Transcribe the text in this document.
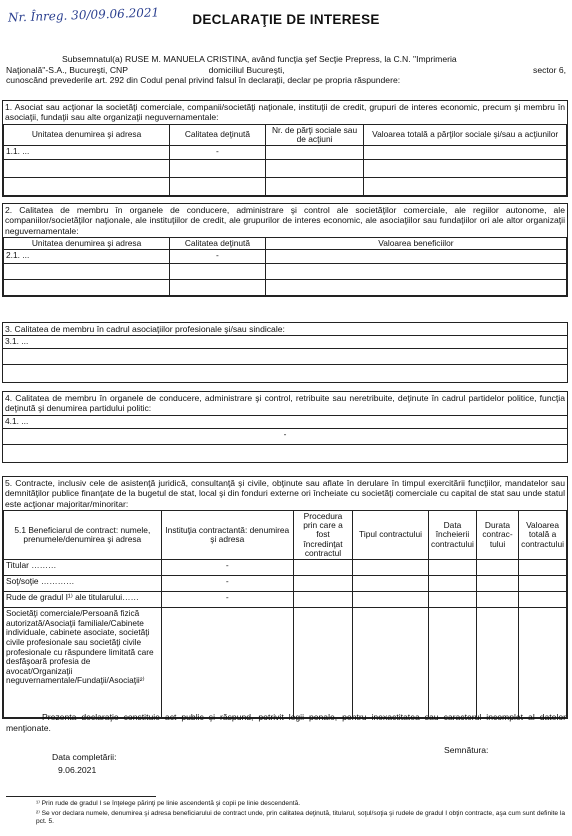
Nr. Înreg. 30/09.06.2021	DECLARAŢIE DE INTERESE

Subsemnatul(a) RUSE M. MANUELA CRISTINA, având funcţia şef Secţie Prepress, la C.N. "Imprimeria

Naţională"-S.A., Bucureşti, CNP	domiciliul Bucureşti,	sector 6,

cunoscând prevederile art. 292 din Codul penal privind falsul în declaraţii, declar pe propria răspundere:

1. Asociat sau acţionar la societăţi comerciale, companii/societăţi naţionale, instituţii de credit, grupuri de interes economic, precum şi membru în asociaţii, fundaţii sau alte organizaţii neguvernamentale:
Unitatea denumirea şi adresa	Calitatea deţinută	Nr. de părţi sociale sau de acţiuni	Valoarea totală a părţilor sociale şi/sau a acţiunilor
1.1. ...	-		

2. Calitatea de membru în organele de conducere, administrare şi control ale societăţilor comerciale, ale regiilor autonome, ale companiilor/societăţilor naţionale, ale instituţiilor de credit, ale grupurilor de interes economic, ale asociaţiilor sau fundaţiilor ori ale altor organizaţii neguvernamentale:
Unitatea denumirea şi adresa	Calitatea deţinută	Valoarea beneficiilor
2.1. ...	-	

3. Calitatea de membru în cadrul asociaţiilor profesionale şi/sau sindicale:
3.1. ...
4. Calitatea de membru în organele de conducere, administrare şi control, retribuite sau neretribuite, deţinute în cadrul partidelor politice, funcţia deţinută şi denumirea partidului politic:
4.1. ...
-
5. Contracte, inclusiv cele de asistenţă juridică, consultanţă şi civile, obţinute sau aflate în derulare în timpul exercitării funcţiilor, mandatelor sau demnităţilor publice finanţate de la bugetul de stat, local şi din fonduri externe ori încheiate cu societăţi comerciale cu capital de stat sau unde statul este acţionar majoritar/minoritar:
5.1 Beneficiarul de contract: numele, prenumele/denumirea şi adresa	Instituţia contractantă: denumirea şi adresa	Procedura prin care a fost încredinţat contractul	Tipul contractului	Data încheierii contractului	Durata contrac-tului	Valoarea totală a contractului
Titular ………	-					
Soţ/soţie …………	-					
Rude de gradul I¹⁾ ale titularului……	-					
Societăţi comerciale/Persoană fizică autorizată/Asociaţii familiale/Cabinete individuale, cabinete asociate, societăţi civile profesionale sau societăţi civile profesionale cu răspundere limitată care desfăşoară profesia de avocat/Organizaţii neguvernamentale/Fundaţii/Asociaţii²⁾						
Prezenta declaraţie constituie act public şi răspund, potrivit legii penale, pentru inexactitatea sau caracterul incomplet al datelor menţionate.
Data completării:
9.06.2021
Semnătura:
¹⁾ Prin rude de gradul I se înţelege părinţi pe linie ascendentă şi copii pe linie descendentă.
²⁾ Se vor declara numele, denumirea şi adresa beneficiarului de contract unde, prin calitatea deţinută, titularul, soţul/soţia şi rudele de gradul I obţin contracte, aşa cum sunt definite la pct. 5.
